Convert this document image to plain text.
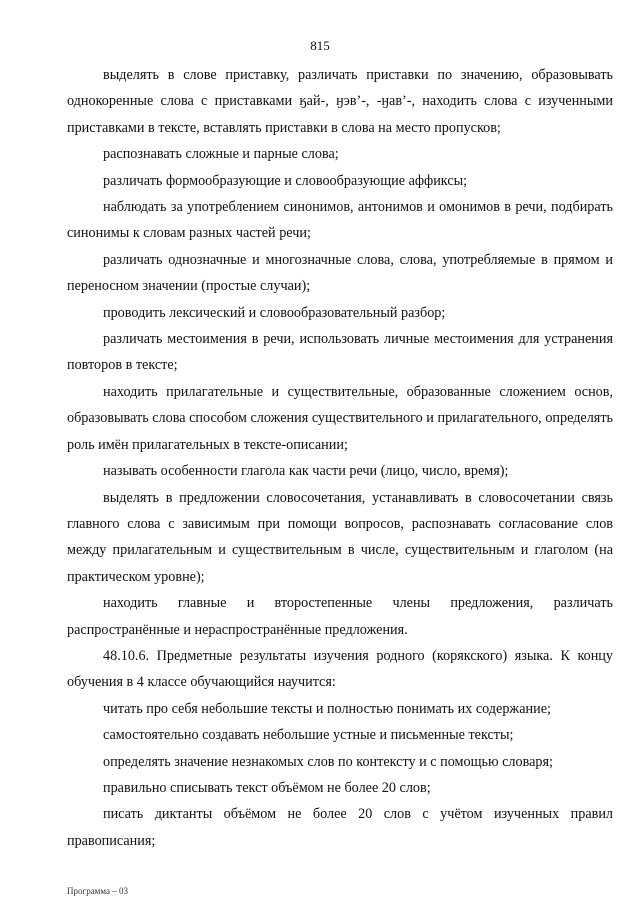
815

выделять в слове приставку, различать приставки по значению, образовывать однокоренные слова с приставками ӄай-, ӈэв’-, -ӈав’-, находить слова с изученными приставками в тексте, вставлять приставки в слова на место пропусков;

распознавать сложные и парные слова;

различать формообразующие и словообразующие аффиксы;

наблюдать за употреблением синонимов, антонимов и омонимов в речи, подбирать синонимы к словам разных частей речи;

различать однозначные и многозначные слова, слова, употребляемые в прямом и переносном значении (простые случаи);

проводить лексический и словообразовательный разбор;

различать местоимения в речи, использовать личные местоимения для устранения повторов в тексте;

находить прилагательные и существительные, образованные сложением основ, образовывать слова способом сложения существительного и прилагательного, определять роль имён прилагательных в тексте-описании;

называть особенности глагола как части речи (лицо, число, время);

выделять в предложении словосочетания, устанавливать в словосочетании связь главного слова с зависимым при помощи вопросов, распознавать согласование слов между прилагательным и существительным в числе, существительным и глаголом (на практическом уровне);

находить главные и второстепенные члены предложения, различать распространённые и нераспространённые предложения.

48.10.6. Предметные результаты изучения родного (корякского) языка. К концу обучения в 4 классе обучающийся научится:

читать про себя небольшие тексты и полностью понимать их содержание;

самостоятельно создавать небольшие устные и письменные тексты;

определять значение незнакомых слов по контексту и с помощью словаря;

правильно списывать текст объёмом не более 20 слов;

писать диктанты объёмом не более 20 слов с учётом изученных правил правописания;

Программа – 03
